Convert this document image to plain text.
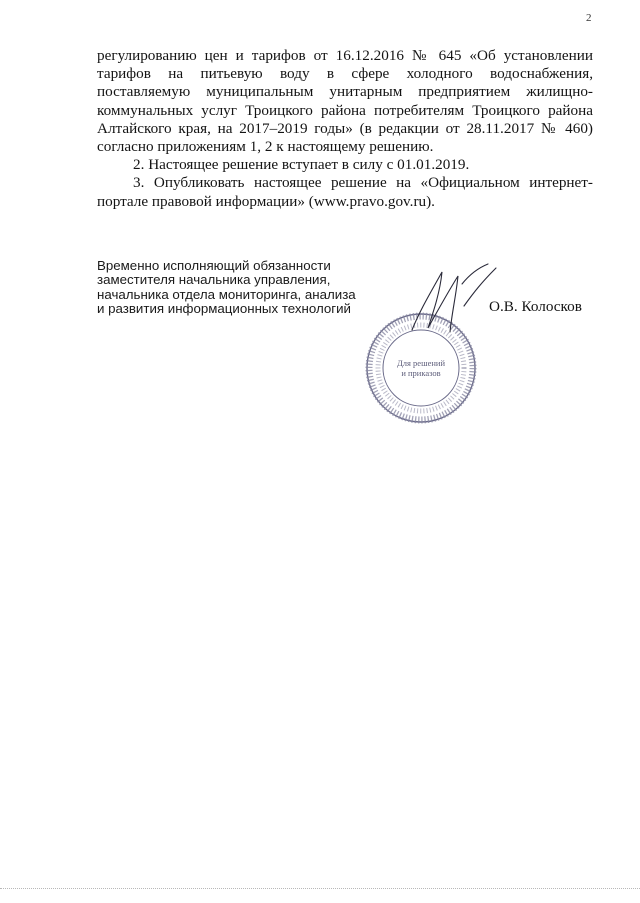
2

регулированию цен и тарифов от 16.12.2016 № 645 «Об установлении тарифов на питьевую воду в сфере холодного водоснабжения, поставляемую муниципальным унитарным предприятием жилищно-коммунальных услуг Троицкого района потребителям Троицкого района Алтайского края, на 2017–2019 годы» (в редакции от 28.11.2017 № 460) согласно приложениям 1, 2 к настоящему решению.

2. Настоящее решение вступает в силу с 01.01.2019.

3. Опубликовать настоящее решение на «Официальном интернет-портале правовой информации» (www.pravo.gov.ru).

Временно исполняющий обязанности
заместителя начальника управления,
начальника отдела мониторинга, анализа
и развития информационных технологий
Для решений
и приказов
О.В. Колосков
